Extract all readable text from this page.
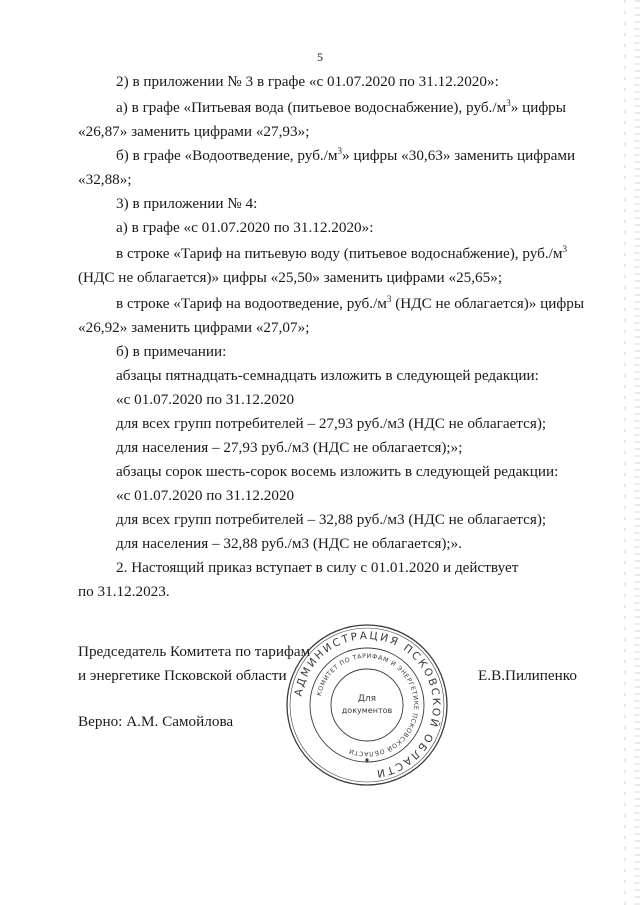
5
2) в приложении № 3 в графе «с 01.07.2020 по 31.12.2020»:
а) в графе «Питьевая вода (питьевое водоснабжение), $руб./м^3$» цифры
«26,87» заменить цифрами «27,93»;
б) в графе «Водоотведение, $руб./м^3$» цифры «30,63» заменить цифрами
«32,88»;
3) в приложении № 4:
а) в графе «с 01.07.2020 по 31.12.2020»:
в строке «Тариф на питьевую воду (питьевое водоснабжение), $руб./м^3$
(НДС не облагается)» цифры «25,50» заменить цифрами «25,65»;
в строке «Тариф на водоотведение, $руб./м^3$ (НДС не облагается)» цифры
«26,92» заменить цифрами «27,07»;
б) в примечании:
абзацы пятнадцать-семнадцать изложить в следующей редакции:
«с 01.07.2020 по 31.12.2020
для всех групп потребителей – 27,93 руб./м3 (НДС не облагается);
для населения – 27,93 руб./м3 (НДС не облагается);»;
абзацы сорок шесть-сорок восемь изложить в следующей редакции:
«с 01.07.2020 по 31.12.2020
для всех групп потребителей – 32,88 руб./м3 (НДС не облагается);
для населения – 32,88 руб./м3 (НДС не облагается);».
2. Настоящий приказ вступает в силу с 01.01.2020 и действует
по 31.12.2023.
Председатель Комитета по тарифам
и энергетике Псковской области	Е.В.Пилипенко
Верно: А.М. Самойлова
АДМИНИСТРАЦИЯ ПСКОВСКОЙ ОБЛАСТИ
КОМИТЕТ ПО ТАРИФАМ И ЭНЕРГЕТИКЕ ПСКОВСКОЙ ОБЛАСТИ
Для
документов
